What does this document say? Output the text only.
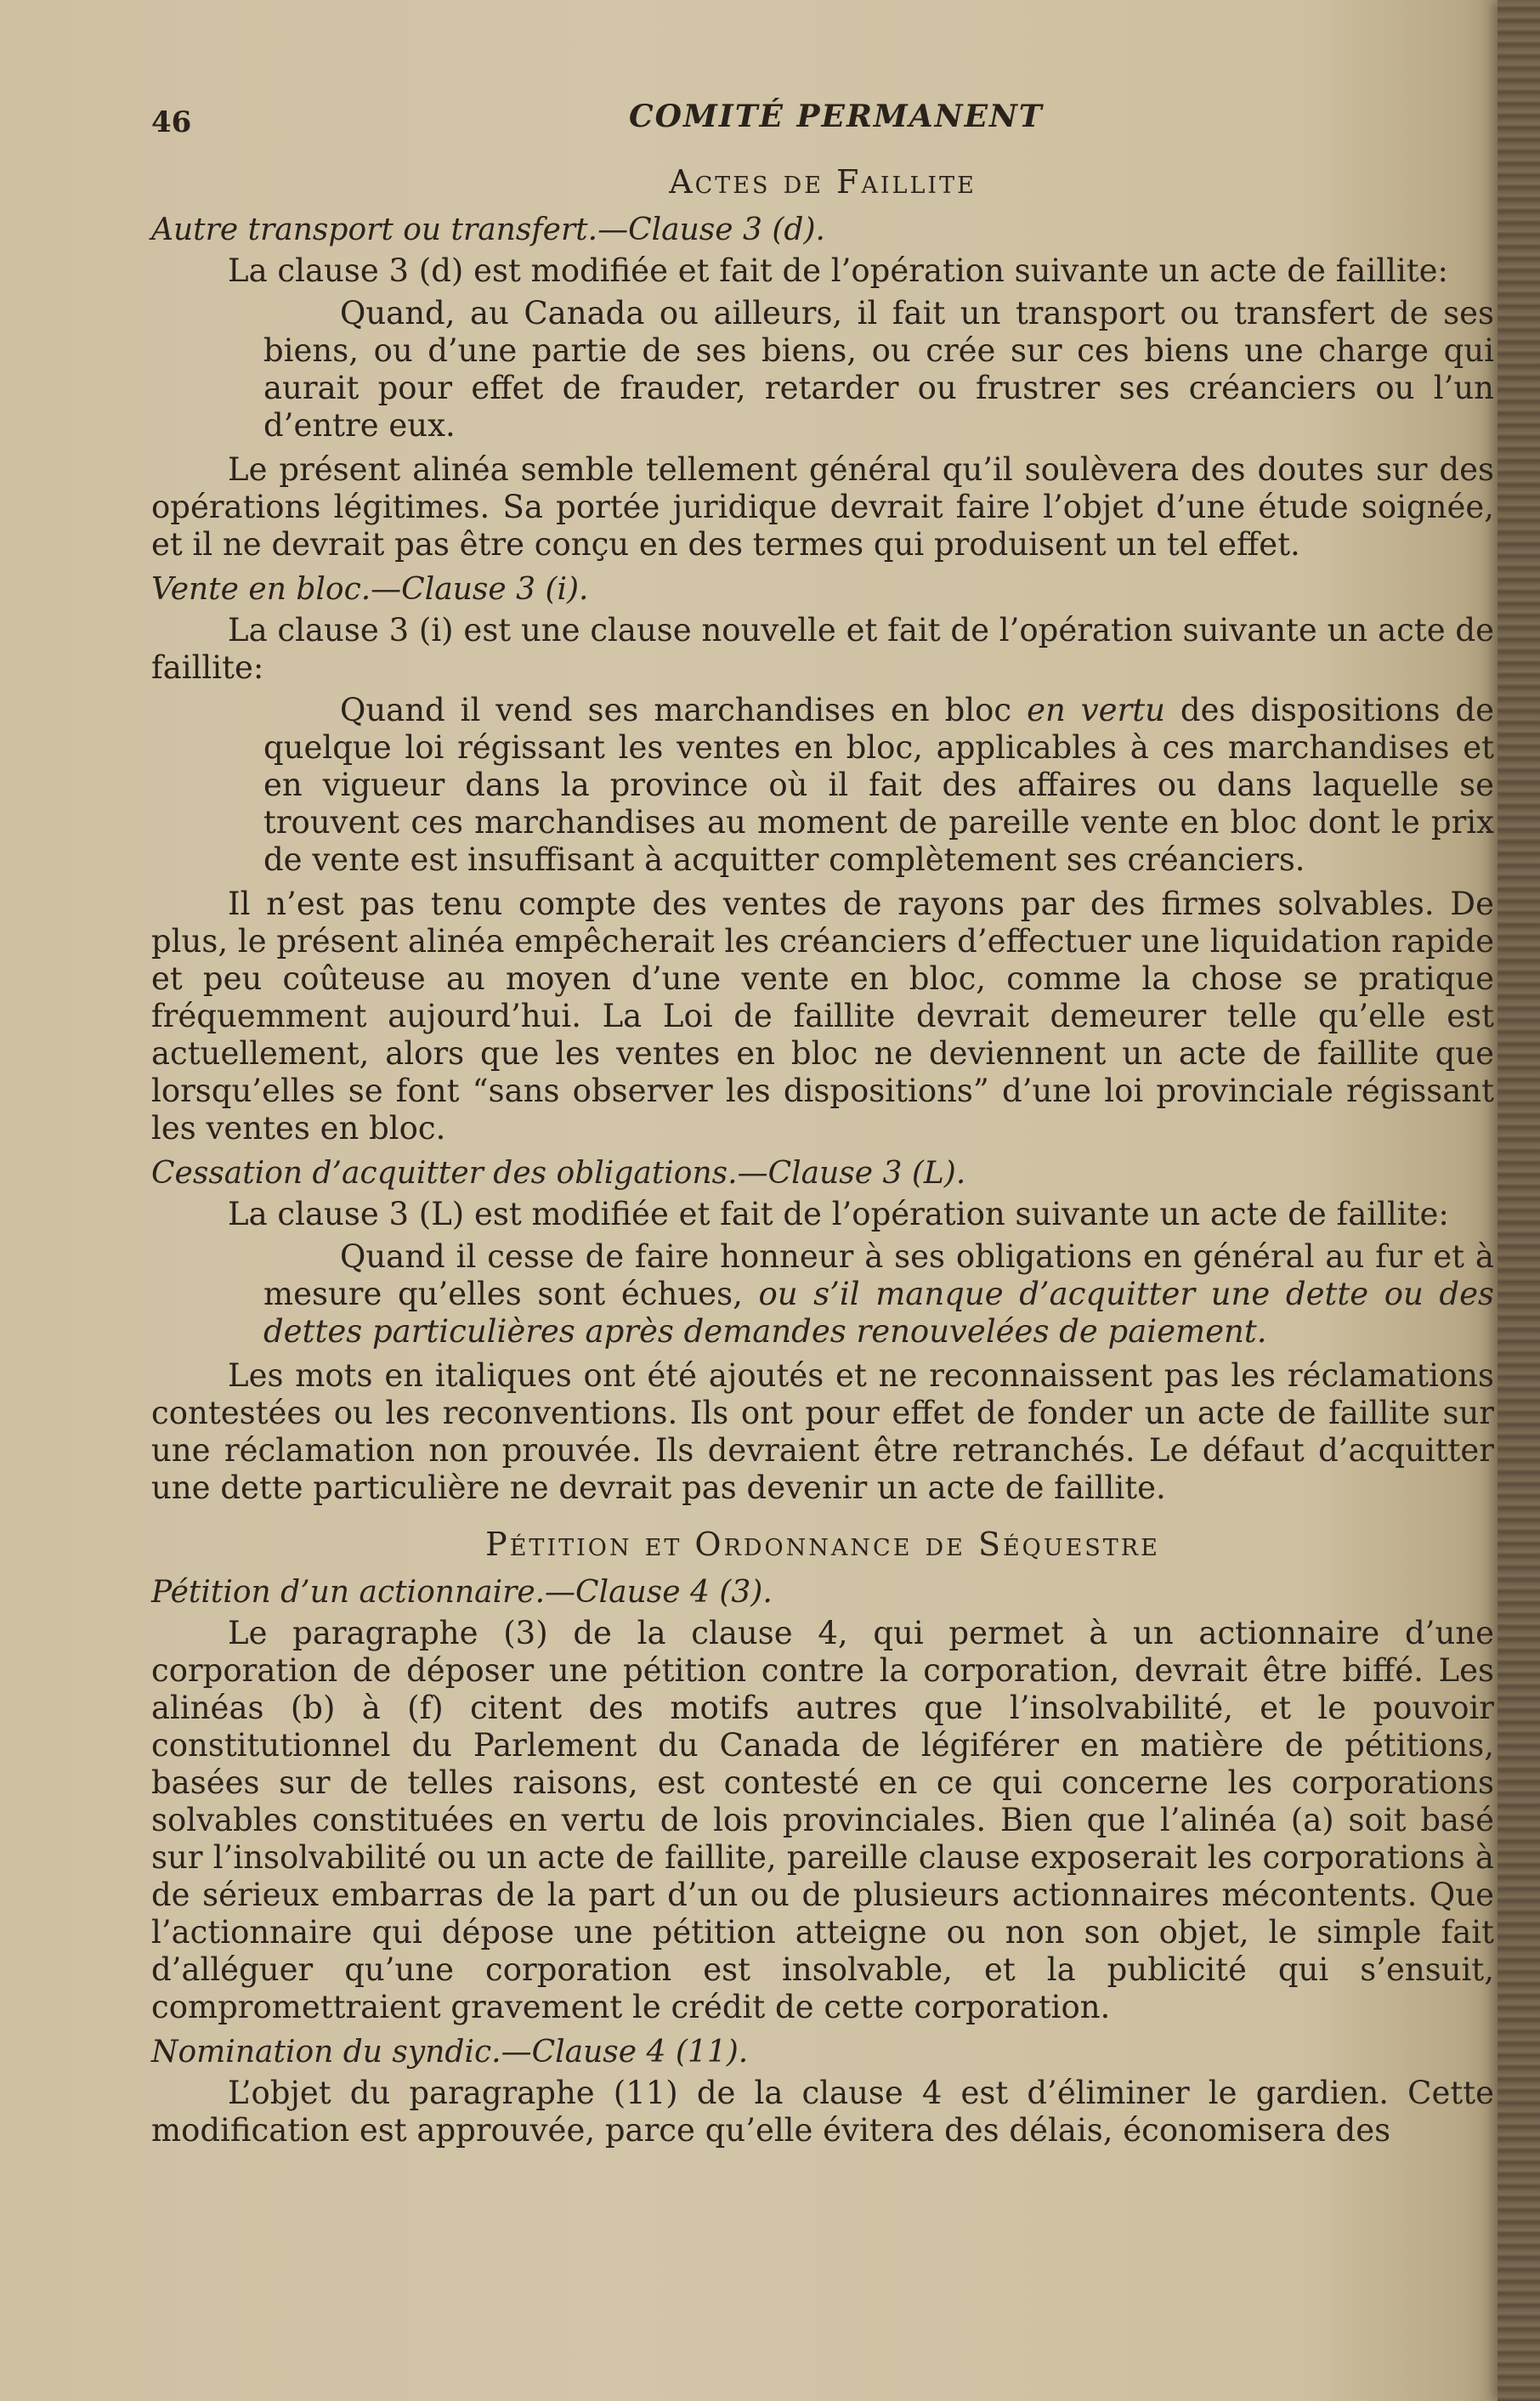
46	COMITÉ PERMANENT
Actes de Faillite
Autre transport ou transfert.—Clause 3 (d).

La clause 3 (d) est modifiée et fait de l’opération suivante un acte de faillite:

Quand, au Canada ou ailleurs, il fait un transport ou transfert de ses biens, ou d’une partie de ses biens, ou crée sur ces biens une charge qui aurait pour effet de frauder, retarder ou frustrer ses créanciers ou l’un d’entre eux.

Le présent alinéa semble tellement général qu’il soulèvera des doutes sur des opérations légitimes. Sa portée juridique devrait faire l’objet d’une étude soignée, et il ne devrait pas être conçu en des termes qui produisent un tel effet.

Vente en bloc.—Clause 3 (i).

La clause 3 (i) est une clause nouvelle et fait de l’opération suivante un acte de faillite:

Quand il vend ses marchandises en bloc en vertu des dispositions de quelque loi régissant les ventes en bloc, applicables à ces marchandises et en vigueur dans la province où il fait des affaires ou dans laquelle se trouvent ces marchandises au moment de pareille vente en bloc dont le prix de vente est insuffisant à acquitter complètement ses créanciers.

Il n’est pas tenu compte des ventes de rayons par des firmes solvables. De plus, le présent alinéa empêcherait les créanciers d’effectuer une liquidation rapide et peu coûteuse au moyen d’une vente en bloc, comme la chose se pratique fréquemment aujourd’hui. La Loi de faillite devrait demeurer telle qu’elle est actuellement, alors que les ventes en bloc ne deviennent un acte de faillite que lorsqu’elles se font “sans observer les dispositions” d’une loi provinciale régissant les ventes en bloc.

Cessation d’acquitter des obligations.—Clause 3 (L).

La clause 3 (L) est modifiée et fait de l’opération suivante un acte de faillite:

Quand il cesse de faire honneur à ses obligations en général au fur et à mesure qu’elles sont échues, ou s’il manque d’acquitter une dette ou des dettes particulières après demandes renouvelées de paiement.

Les mots en italiques ont été ajoutés et ne reconnaissent pas les réclamations contestées ou les reconventions. Ils ont pour effet de fonder un acte de faillite sur une réclamation non prouvée. Ils devraient être retranchés. Le défaut d’acquitter une dette particulière ne devrait pas devenir un acte de faillite.

Pétition et Ordonnance de Séquestre
Pétition d’un actionnaire.—Clause 4 (3).

Le paragraphe (3) de la clause 4, qui permet à un actionnaire d’une corporation de déposer une pétition contre la corporation, devrait être biffé. Les alinéas (b) à (f) citent des motifs autres que l’insolvabilité, et le pouvoir constitutionnel du Parlement du Canada de légiférer en matière de pétitions, basées sur de telles raisons, est contesté en ce qui concerne les corporations solvables constituées en vertu de lois provinciales. Bien que l’alinéa (a) soit basé sur l’insolvabilité ou un acte de faillite, pareille clause exposerait les corporations à de sérieux embarras de la part d’un ou de plusieurs actionnaires mécontents. Que l’actionnaire qui dépose une pétition atteigne ou non son objet, le simple fait d’alléguer qu’une corporation est insolvable, et la publicité qui s’ensuit, compromettraient gravement le crédit de cette corporation.

Nomination du syndic.—Clause 4 (11).

L’objet du paragraphe (11) de la clause 4 est d’éliminer le gardien. Cette modification est approuvée, parce qu’elle évitera des délais, économisera des
